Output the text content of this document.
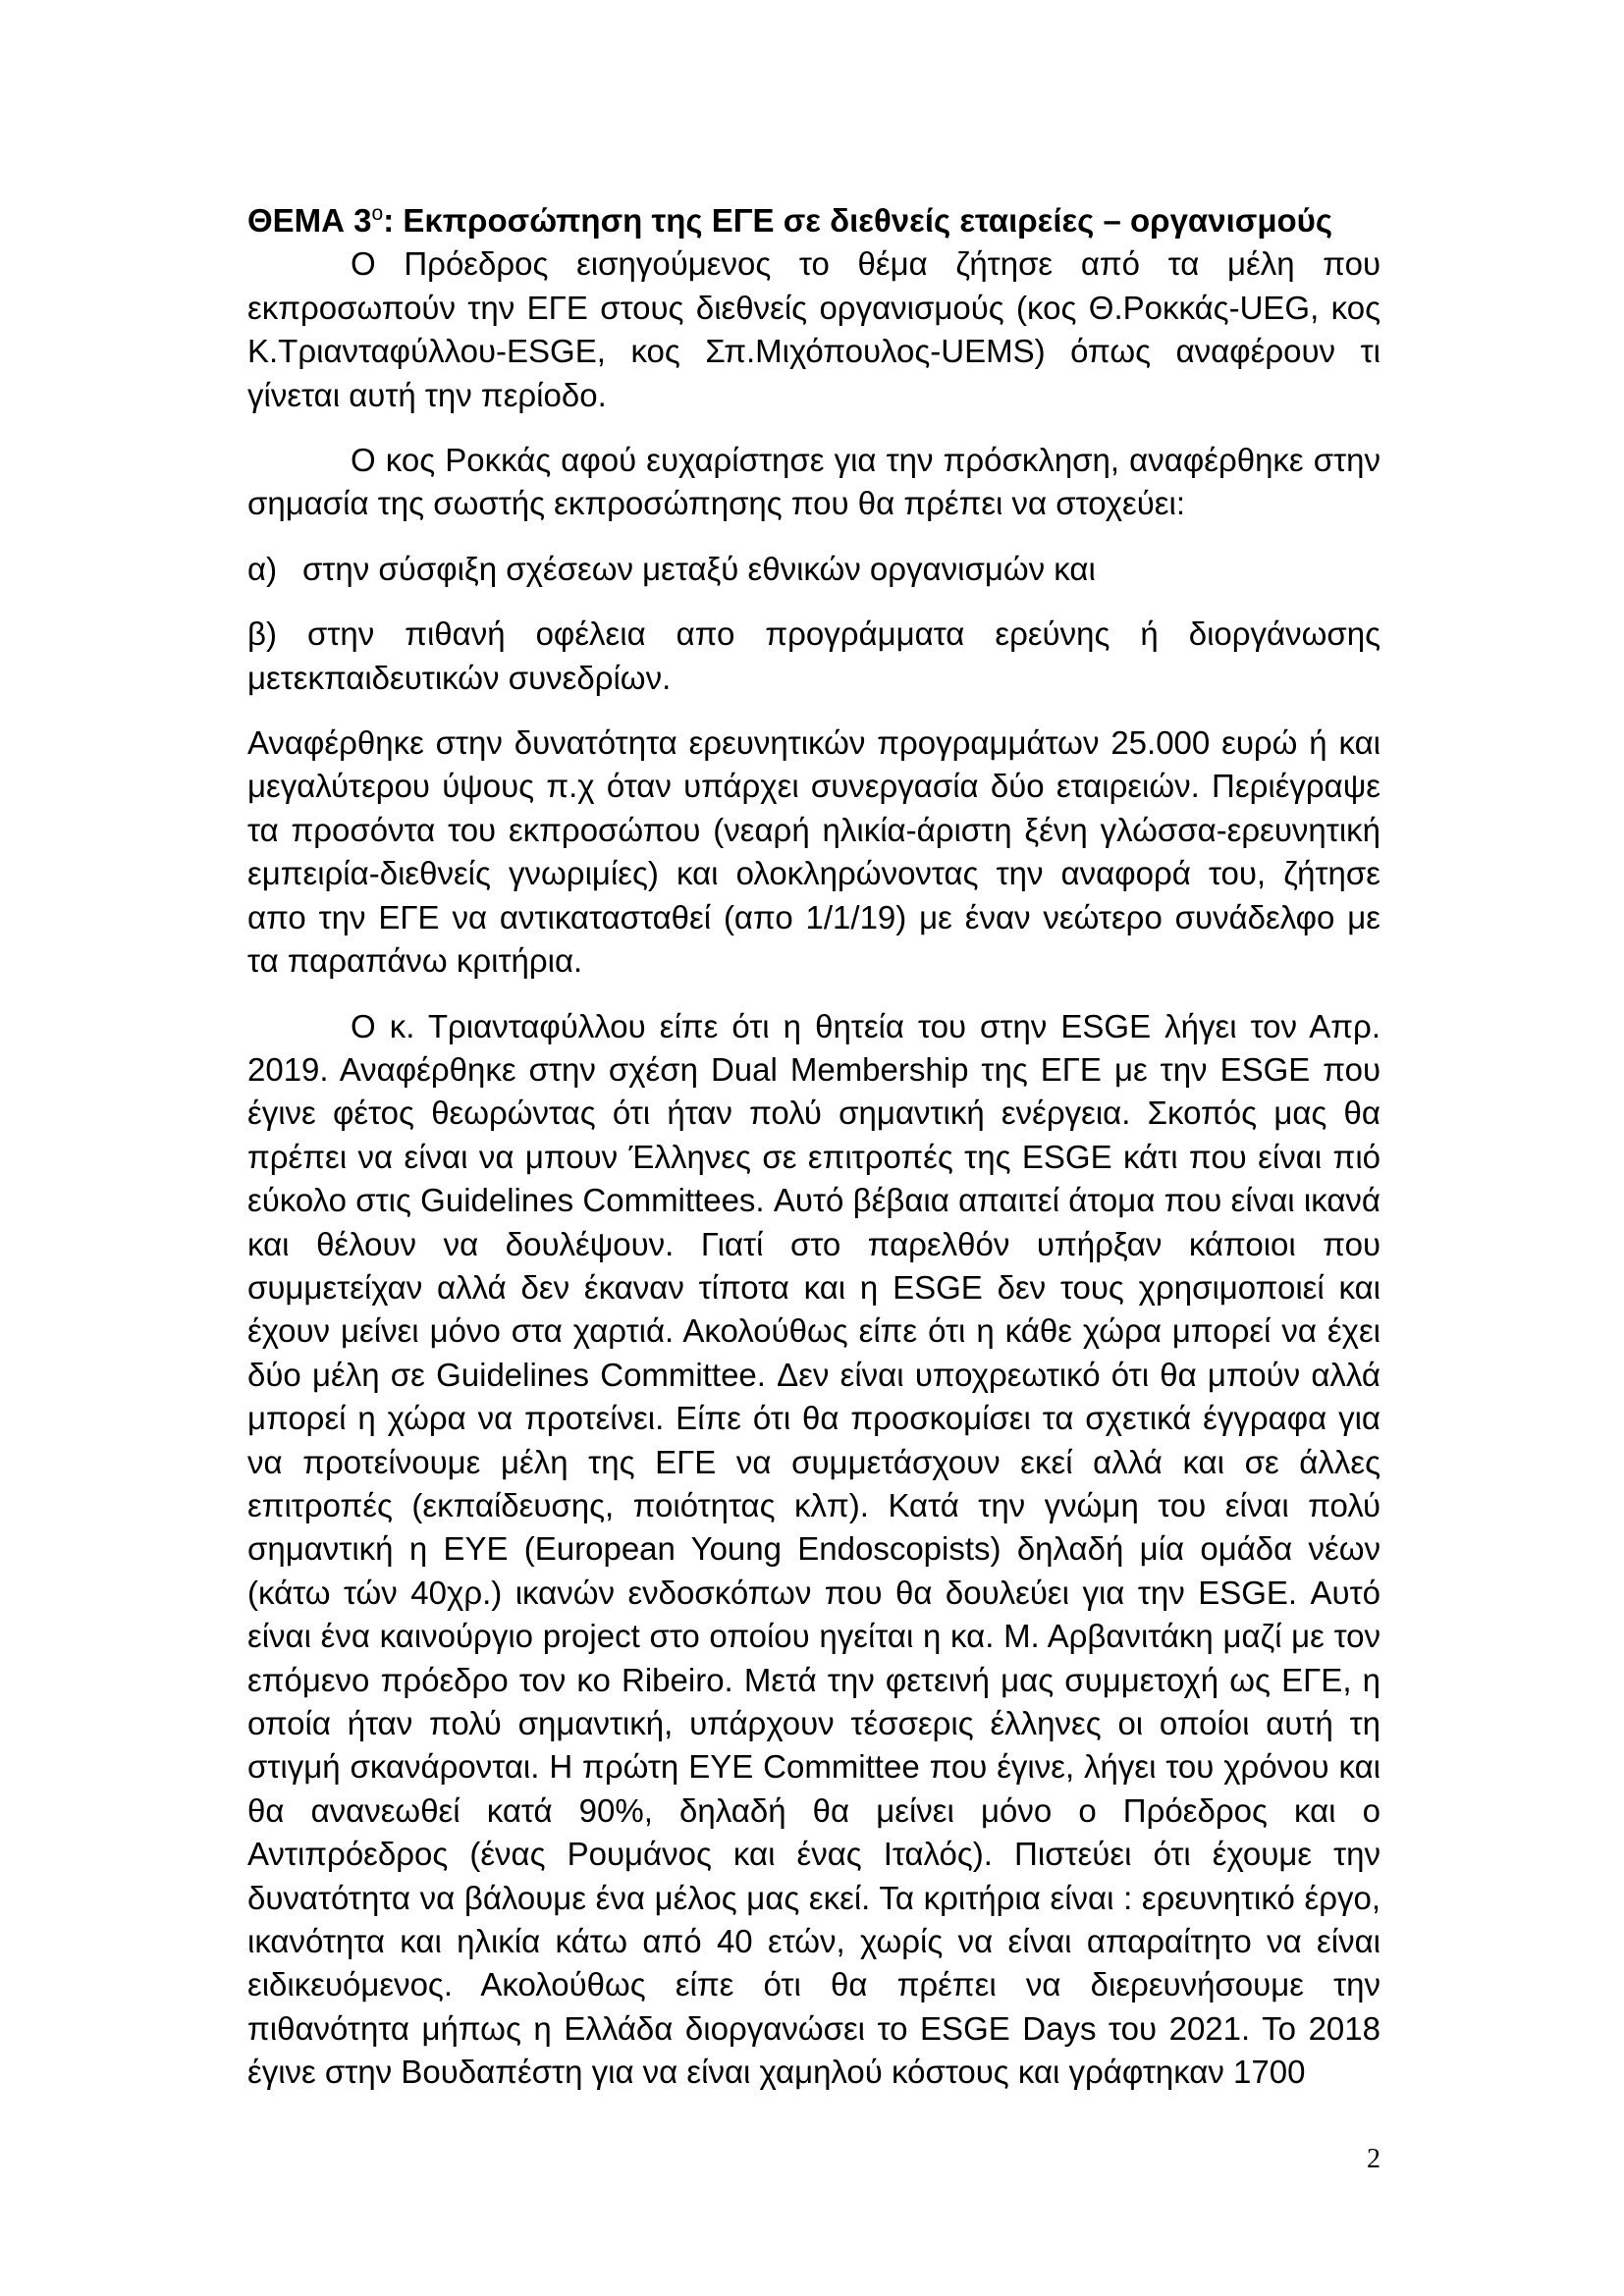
ΘΕΜΑ $3^o$: Εκπροσώπηση της ΕΓΕ σε διεθνείς εταιρείες – οργανισμούς

Ο Πρόεδρος εισηγούμενος το θέμα ζήτησε από τα μέλη που εκπροσωπούν την ΕΓΕ στους διεθνείς οργανισμούς (κος Θ.Ροκκάς-UEG, κος Κ.Τριανταφύλλου-ESGE, κος Σπ.Μιχόπουλος-UEMS) όπως αναφέρουν τι γίνεται αυτή την περίοδο.

Ο κος Ροκκάς αφού ευχαρίστησε για την πρόσκληση, αναφέρθηκε στην σημασία της σωστής εκπροσώπησης που θα πρέπει να στοχεύει:

α) στην σύσφιξη σχέσεων μεταξύ εθνικών οργανισμών και

β) στην πιθανή οφέλεια απο προγράμματα ερεύνης ή διοργάνωσης μετεκπαιδευτικών συνεδρίων.

Αναφέρθηκε στην δυνατότητα ερευνητικών προγραμμάτων 25.000 ευρώ ή και μεγαλύτερου ύψους π.χ όταν υπάρχει συνεργασία δύο εταιρειών. Περιέγραψε τα προσόντα του εκπροσώπου (νεαρή ηλικία-άριστη ξένη γλώσσα-ερευνητική εμπειρία-διεθνείς γνωριμίες) και ολοκληρώνοντας την αναφορά του, ζήτησε απο την ΕΓΕ να αντικατασταθεί (απο 1/1/19) με έναν νεώτερο συνάδελφο με τα παραπάνω κριτήρια.

Ο κ. Τριανταφύλλου είπε ότι η θητεία του στην ESGE λήγει τον Απρ. 2019. Αναφέρθηκε στην σχέση Dual Membership της ΕΓΕ με την ESGE που έγινε φέτος θεωρώντας ότι ήταν πολύ σημαντική ενέργεια. Σκοπός μας θα πρέπει να είναι να μπουν Έλληνες σε επιτροπές της ESGE κάτι που είναι πιό εύκολο στις Guidelines Committees. Αυτό βέβαια απαιτεί άτομα που είναι ικανά και θέλουν να δουλέψουν. Γιατί στο παρελθόν υπήρξαν κάποιοι που συμμετείχαν αλλά δεν έκαναν τίποτα και η ESGE δεν τους χρησιμοποιεί και έχουν μείνει μόνο στα χαρτιά. Ακολούθως είπε ότι η κάθε χώρα μπορεί να έχει δύο μέλη σε Guidelines Committee. Δεν είναι υποχρεωτικό ότι θα μπούν αλλά μπορεί η χώρα να προτείνει. Είπε ότι θα προσκομίσει τα σχετικά έγγραφα για να προτείνουμε μέλη της ΕΓΕ να συμμετάσχουν εκεί αλλά και σε άλλες επιτροπές (εκπαίδευσης, ποιότητας κλπ). Κατά την γνώμη του είναι πολύ σημαντική η ΕΥΕ (European Young Endoscopists) δηλαδή μία ομάδα νέων (κάτω τών 40χρ.) ικανών ενδοσκόπων που θα δουλεύει για την ESGE. Αυτό είναι ένα καινούργιο project στο οποίου ηγείται η κα. Μ. Αρβανιτάκη μαζί με τον επόμενο πρόεδρο τον κο Ribeiro. Μετά την φετεινή μας συμμετοχή ως ΕΓΕ, η οποία ήταν πολύ σημαντική, υπάρχουν τέσσερις έλληνες οι οποίοι αυτή τη στιγμή σκανάρονται. Η πρώτη ΕΥΕ Committee που έγινε, λήγει του χρόνου και θα ανανεωθεί κατά 90%, δηλαδή θα μείνει μόνο ο Πρόεδρος και ο Αντιπρόεδρος (ένας Ρουμάνος και ένας Ιταλός). Πιστεύει ότι έχουμε την δυνατότητα να βάλουμε ένα μέλος μας εκεί. Τα κριτήρια είναι : ερευνητικό έργο, ικανότητα και ηλικία κάτω από 40 ετών, χωρίς να είναι απαραίτητο να είναι ειδικευόμενος. Ακολούθως είπε ότι θα πρέπει να διερευνήσουμε την πιθανότητα μήπως η Ελλάδα διοργανώσει το ESGE Days του 2021. Το 2018 έγινε στην Βουδαπέστη για να είναι χαμηλού κόστους και γράφτηκαν 1700

2
